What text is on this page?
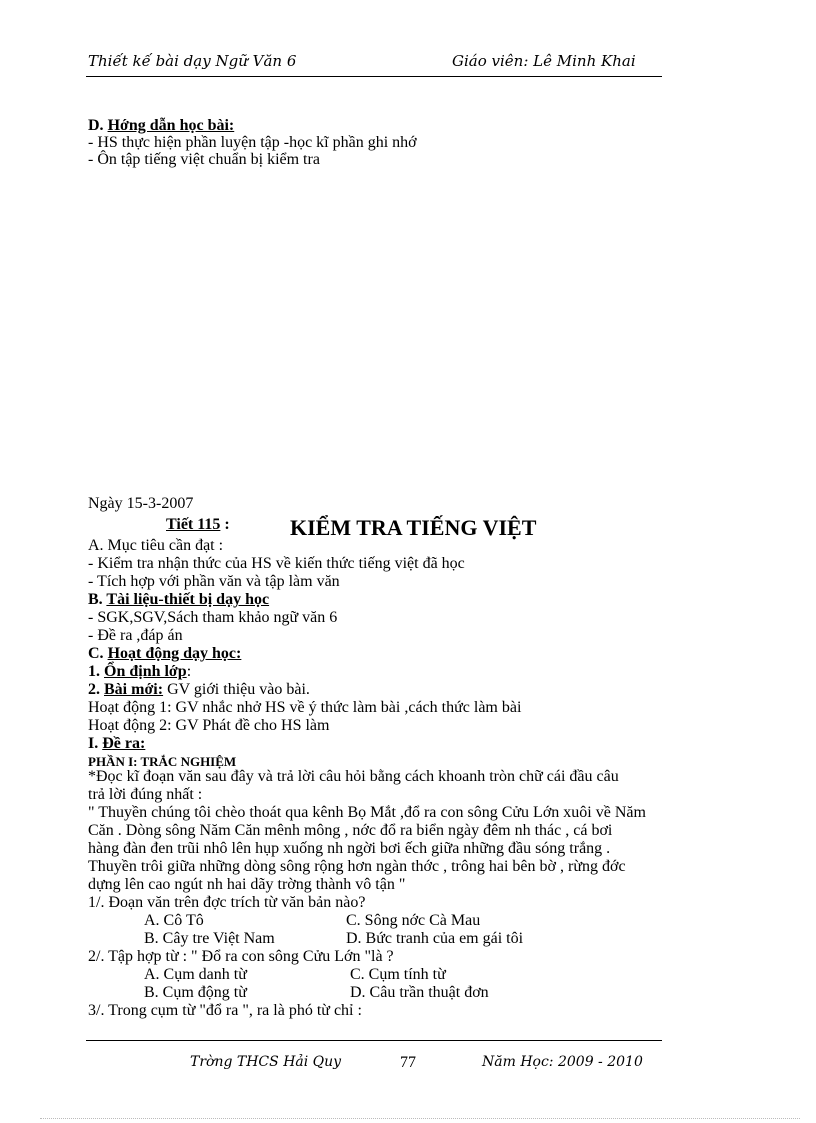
Thiết kế bài dạy Ngữ Văn 6	Giáo viên: Lê Minh Khai
D. Hớng dẫn học bài:
- HS thực hiện phần luyện tập -học kĩ phần ghi nhớ
- Ôn tập tiếng việt chuẩn bị kiểm tra
Ngày 15-3-2007
Tiết 115 :	KIỂM TRA TIẾNG VIỆT
A. Mục tiêu cần đạt :
- Kiểm tra nhận thức của HS về kiến thức tiếng việt đã học
- Tích hợp với phần văn và tập làm văn
B. Tài liệu-thiết bị dạy học
- SGK,SGV,Sách tham khảo ngữ văn 6
- Đề ra ,đáp án
C. Hoạt động dạy học:
1. Ổn định lớp:
2. Bài mới: GV giới thiệu vào bài.
Hoạt động 1: GV nhắc nhở HS về ý thức làm bài ,cách thức làm bài
Hoạt động 2: GV Phát đề cho HS làm
I. Đề ra:
PHẦN I: TRẮC NGHIỆM
*Đọc kĩ đoạn văn sau đây và trả lời câu hỏi bằng cách khoanh tròn chữ cái đầu câu
trả lời đúng nhất :
" Thuyền chúng tôi chèo thoát qua kênh Bọ Mắt ,đổ ra con sông Cửu Lớn xuôi về Năm
Căn . Dòng sông Năm Căn mênh mông , nớc đổ ra biển ngày đêm nh thác , cá bơi
hàng đàn đen trũi nhô lên hụp xuống nh ngời bơi ếch giữa những đầu sóng trắng .
Thuyền trôi giữa những dòng sông rộng hơn ngàn thớc , trông hai bên bờ , rừng đớc
dựng lên cao ngút nh hai dãy trờng thành vô tận "
1/. Đoạn văn trên đợc trích từ văn bản nào?
A. Cô Tô	C. Sông nớc Cà Mau
B. Cây tre Việt Nam	D. Bức tranh của em gái tôi
2/. Tập hợp từ : " Đổ ra con sông Cửu Lớn "là ?
A. Cụm danh từ	C. Cụm tính từ
B. Cụm động từ	D. Câu trần thuật đơn
3/. Trong cụm từ "đổ ra ", ra là phó từ chỉ :
Trờng THCS Hải Quy	77	Năm Học: 2009 - 2010
